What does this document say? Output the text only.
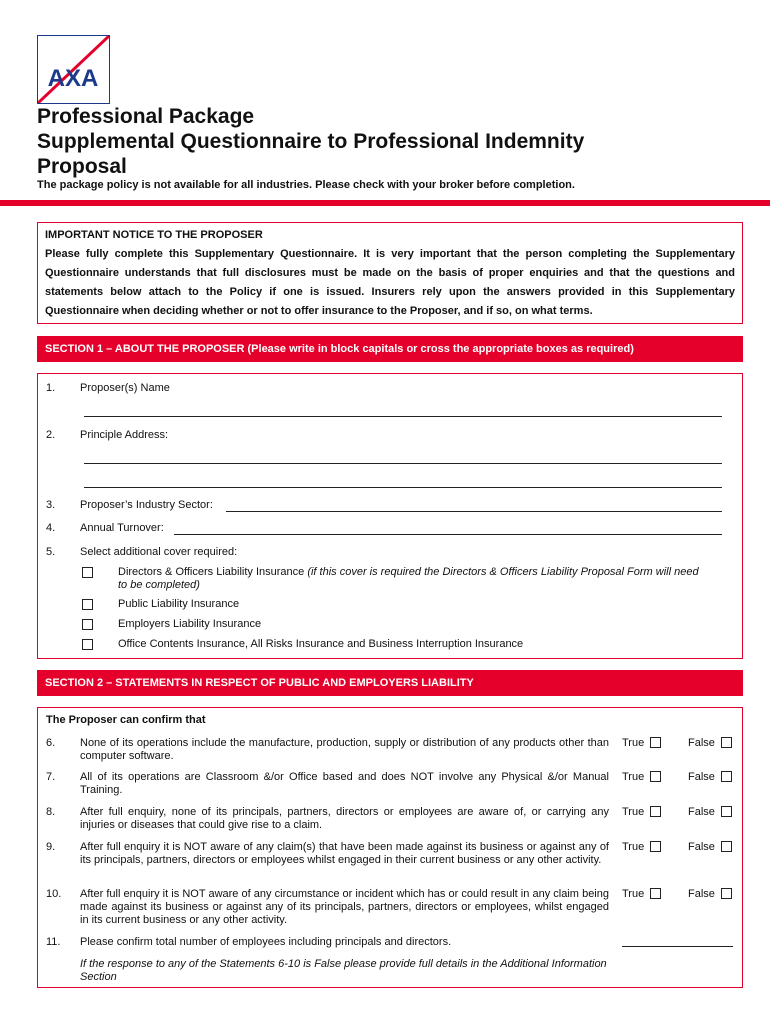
AXA
Professional Package
Supplemental Questionnaire to Professional Indemnity
Proposal
The package policy is not available for all industries. Please check with your broker before completion.
IMPORTANT NOTICE TO THE PROPOSER
Please fully complete this Supplementary Questionnaire. It is very important that the person completing the Supplementary Questionnaire understands that full disclosures must be made on the basis of proper enquiries and that the questions and statements below attach to the Policy if one is issued. Insurers rely upon the answers provided in this Supplementary Questionnaire when deciding whether or not to offer insurance to the Proposer, and if so, on what terms.
SECTION 1 – ABOUT THE PROPOSER (Please write in block capitals or cross the appropriate boxes as required)
1. Proposer(s) Name
2. Principle Address:
3. Proposer’s Industry Sector:
4. Annual Turnover:
5. Select additional cover required:
Directors & Officers Liability Insurance (if this cover is required the Directors & Officers Liability Proposal Form will need
to be completed)
Public Liability Insurance
Employers Liability Insurance
Office Contents Insurance, All Risks Insurance and Business Interruption Insurance
SECTION 2 – STATEMENTS IN RESPECT OF PUBLIC AND EMPLOYERS LIABILITY
The Proposer can confirm that
6. None of its operations include the manufacture, production, supply or distribution of any products other than computer software.
True	False
7. All of its operations are Classroom &/or Office based and does NOT involve any Physical &/or Manual Training.
True	False
8. After full enquiry, none of its principals, partners, directors or employees are aware of, or carrying any injuries or diseases that could give rise to a claim.
True	False
9. After full enquiry it is NOT aware of any claim(s) that have been made against its business or against any of its principals, partners, directors or employees whilst engaged in their current business or any other activity.
True	False
10. After full enquiry it is NOT aware of any circumstance or incident which has or could result in any claim being made against its business or against any of its principals, partners, directors or employees, whilst engaged in its current business or any other activity.
True	False
11. Please confirm total number of employees including principals and directors.
If the response to any of the Statements 6-10 is False please provide full details in the Additional Information Section
